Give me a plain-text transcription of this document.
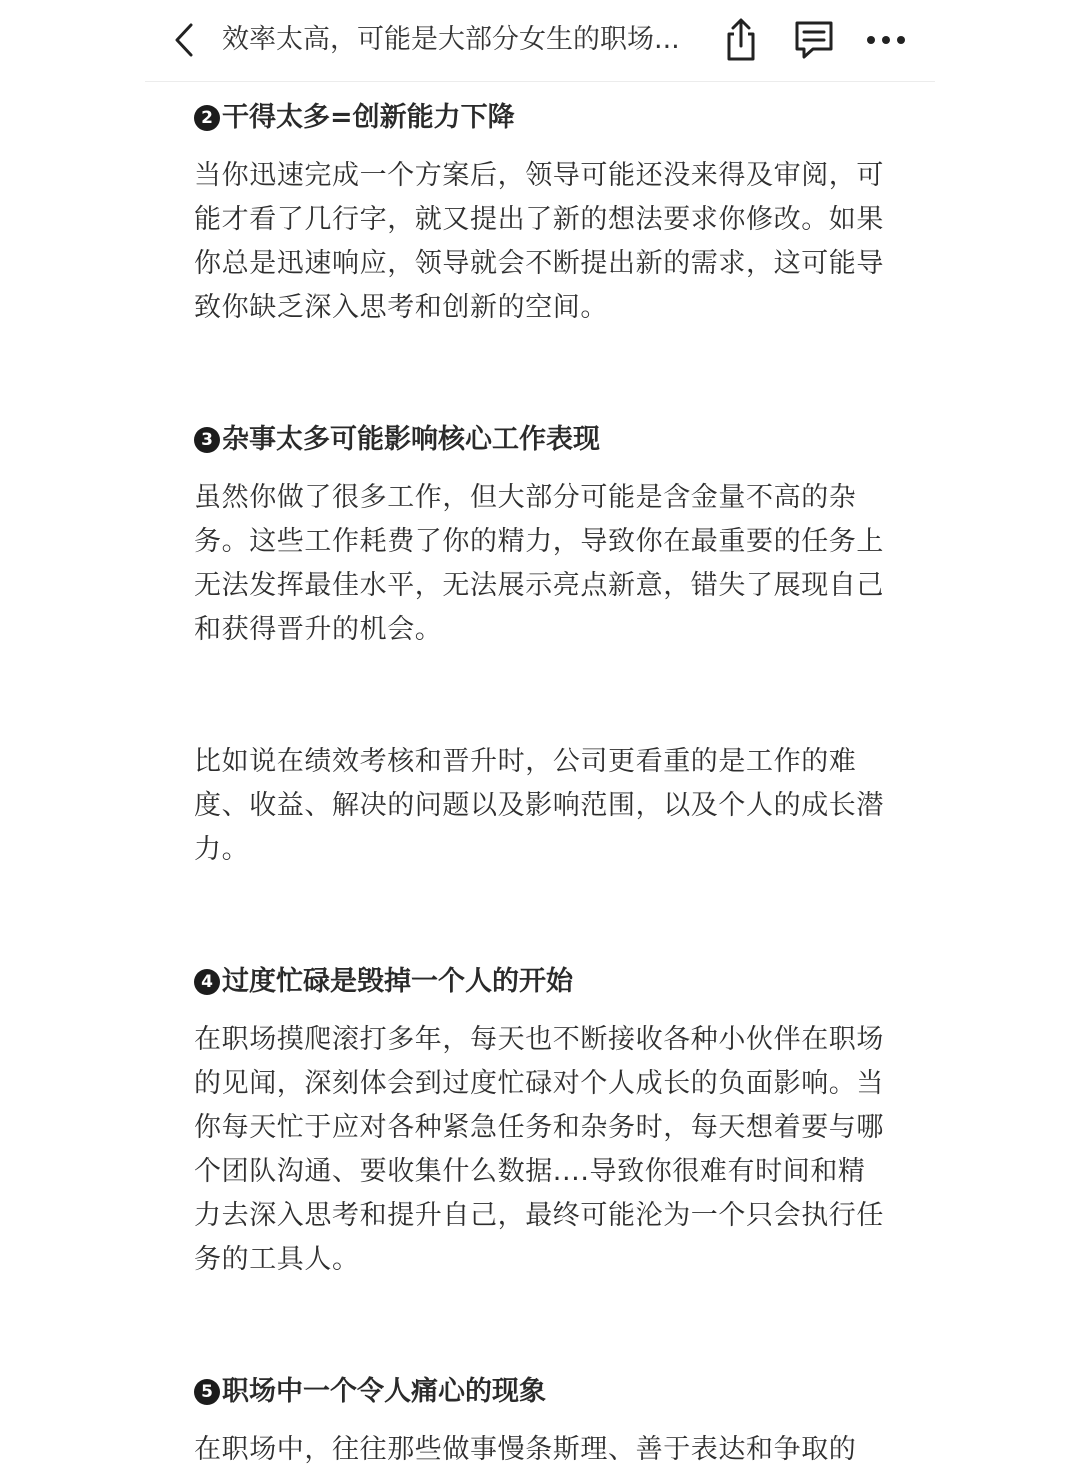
效率太高，可能是大部分女生的职场...
2 干得太多=创新能力下降

当你迅速完成一个方案后，领导可能还没来得及审阅，可能才看了几行字，就又提出了新的想法要求你修改。如果你总是迅速响应，领导就会不断提出新的需求，这可能导致你缺乏深入思考和创新的空间。

3 杂事太多可能影响核心工作表现

虽然你做了很多工作，但大部分可能是含金量不高的杂务。这些工作耗费了你的精力，导致你在最重要的任务上无法发挥最佳水平，无法展示亮点新意，错失了展现自己和获得晋升的机会。

比如说在绩效考核和晋升时，公司更看重的是工作的难度、收益、解决的问题以及影响范围，以及个人的成长潜力。

4 过度忙碌是毁掉一个人的开始

在职场摸爬滚打多年，每天也不断接收各种小伙伴在职场的见闻，深刻体会到过度忙碌对个人成长的负面影响。当你每天忙于应对各种紧急任务和杂务时，每天想着要与哪个团队沟通、要收集什么数据....导致你很难有时间和精力去深入思考和提升自己，最终可能沦为一个只会执行任务的工具人。

5 职场中一个令人痛心的现象

在职场中，往往那些做事慢条斯理、善于表达和争取的
